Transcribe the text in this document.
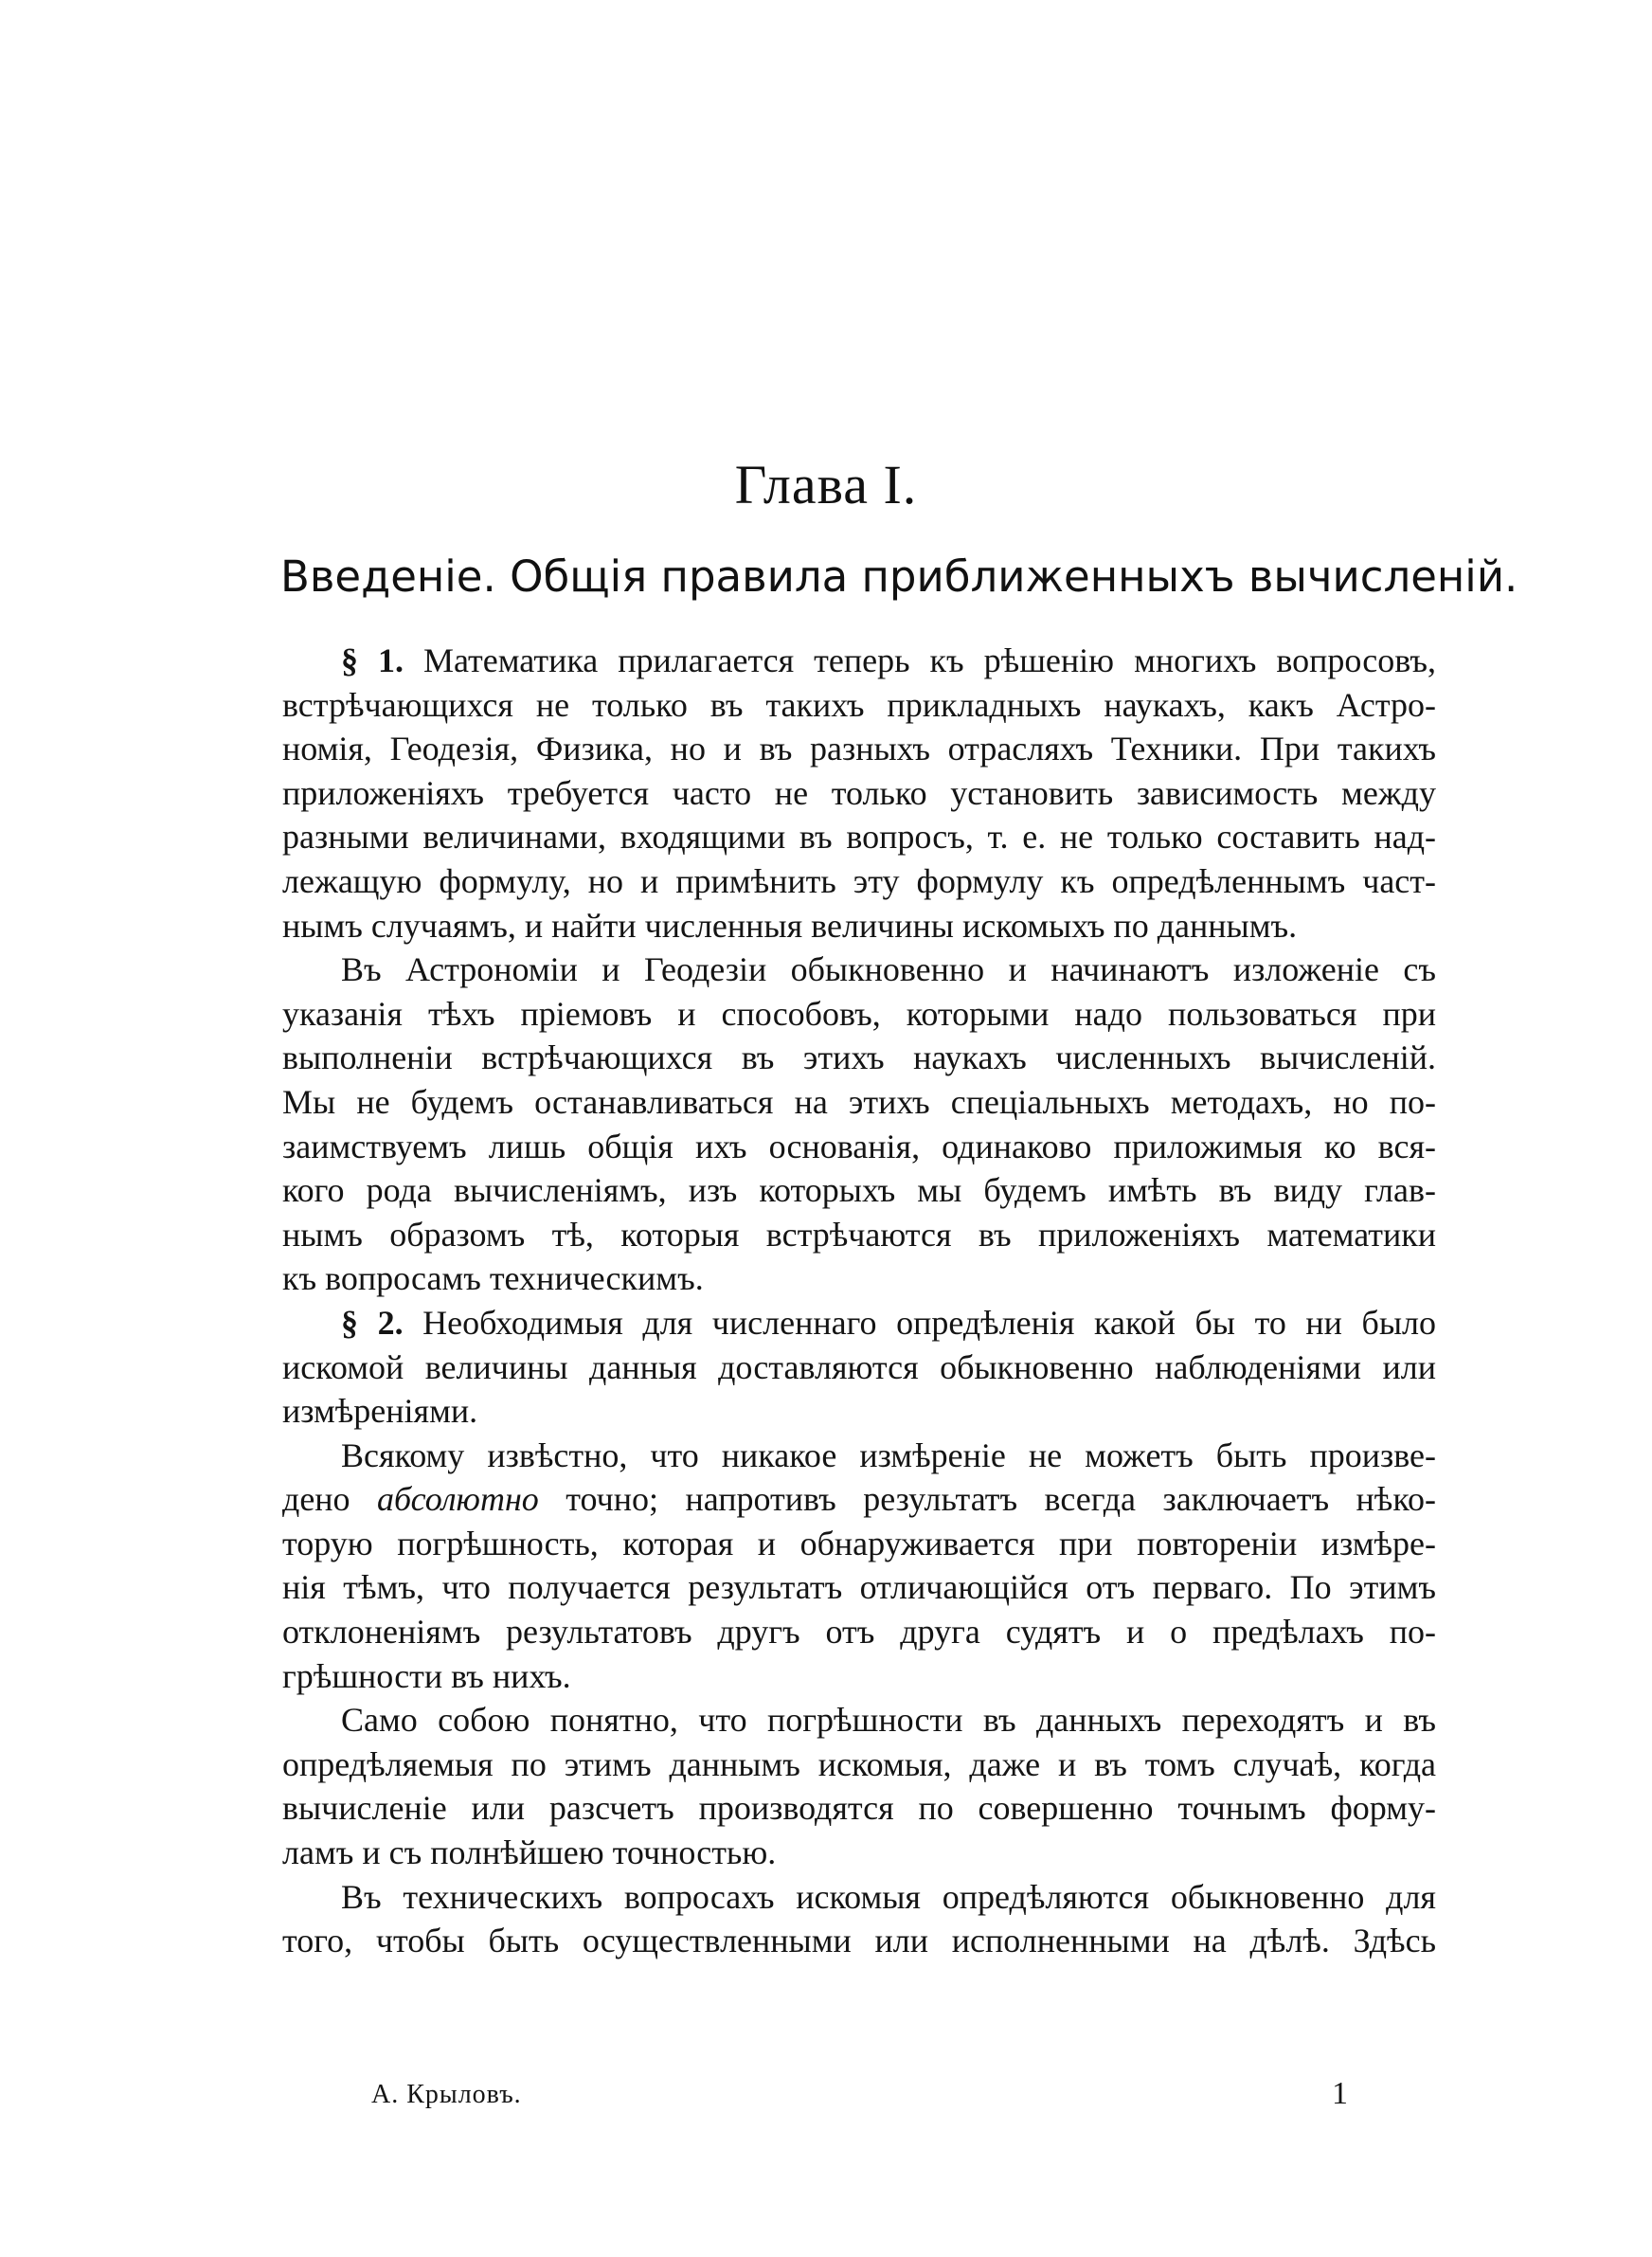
Глава I.
Введеніе. Общія правила приближенныхъ вычисленій.
§ 1. Математика прилагается теперь къ рѣшенію многихъ вопросовъ,
встрѣчающихся не только въ такихъ прикладныхъ наукахъ, какъ Астро-
номія, Геодезія, Физика, но и въ разныхъ отрасляхъ Техники. При такихъ
приложеніяхъ требуется часто не только установить зависимость между
разными величинами, входящими въ вопросъ, т. е. не только составить над-
лежащую формулу, но и примѣнить эту формулу къ опредѣленнымъ част-
нымъ случаямъ, и найти численныя величины искомыхъ по даннымъ.
Въ Астрономіи и Геодезіи обыкновенно и начинаютъ изложеніе съ
указанія тѣхъ пріемовъ и способовъ, которыми надо пользоваться при
выполненіи встрѣчающихся въ этихъ наукахъ численныхъ вычисленій.
Мы не будемъ останавливаться на этихъ спеціальныхъ методахъ, но по-
заимствуемъ лишь общія ихъ основанія, одинаково приложимыя ко вся-
кого рода вычисленіямъ, изъ которыхъ мы будемъ имѣть въ виду глав-
нымъ образомъ тѣ, которыя встрѣчаются въ приложеніяхъ математики
къ вопросамъ техническимъ.
§ 2. Необходимыя для численнаго опредѣленія какой бы то ни было
искомой величины данныя доставляются обыкновенно наблюденіями или
измѣреніями.
Всякому извѣстно, что никакое измѣреніе не можетъ быть произве-
дено абсолютно точно; напротивъ результатъ всегда заключаетъ нѣко-
торую погрѣшность, которая и обнаруживается при повтореніи измѣре-
нія тѣмъ, что получается результатъ отличающійся отъ перваго. По этимъ
отклоненіямъ результатовъ другъ отъ друга судятъ и о предѣлахъ по-
грѣшности въ нихъ.
Само собою понятно, что погрѣшности въ данныхъ переходятъ и въ
опредѣляемыя по этимъ даннымъ искомыя, даже и въ томъ случаѣ, когда
вычисленіе или разсчетъ производятся по совершенно точнымъ форму-
ламъ и съ полнѣйшею точностью.
Въ техническихъ вопросахъ искомыя опредѣляются обыкновенно для
того, чтобы быть осуществленными или исполненными на дѣлѣ. Здѣсь
А. Крыловъ.	1
